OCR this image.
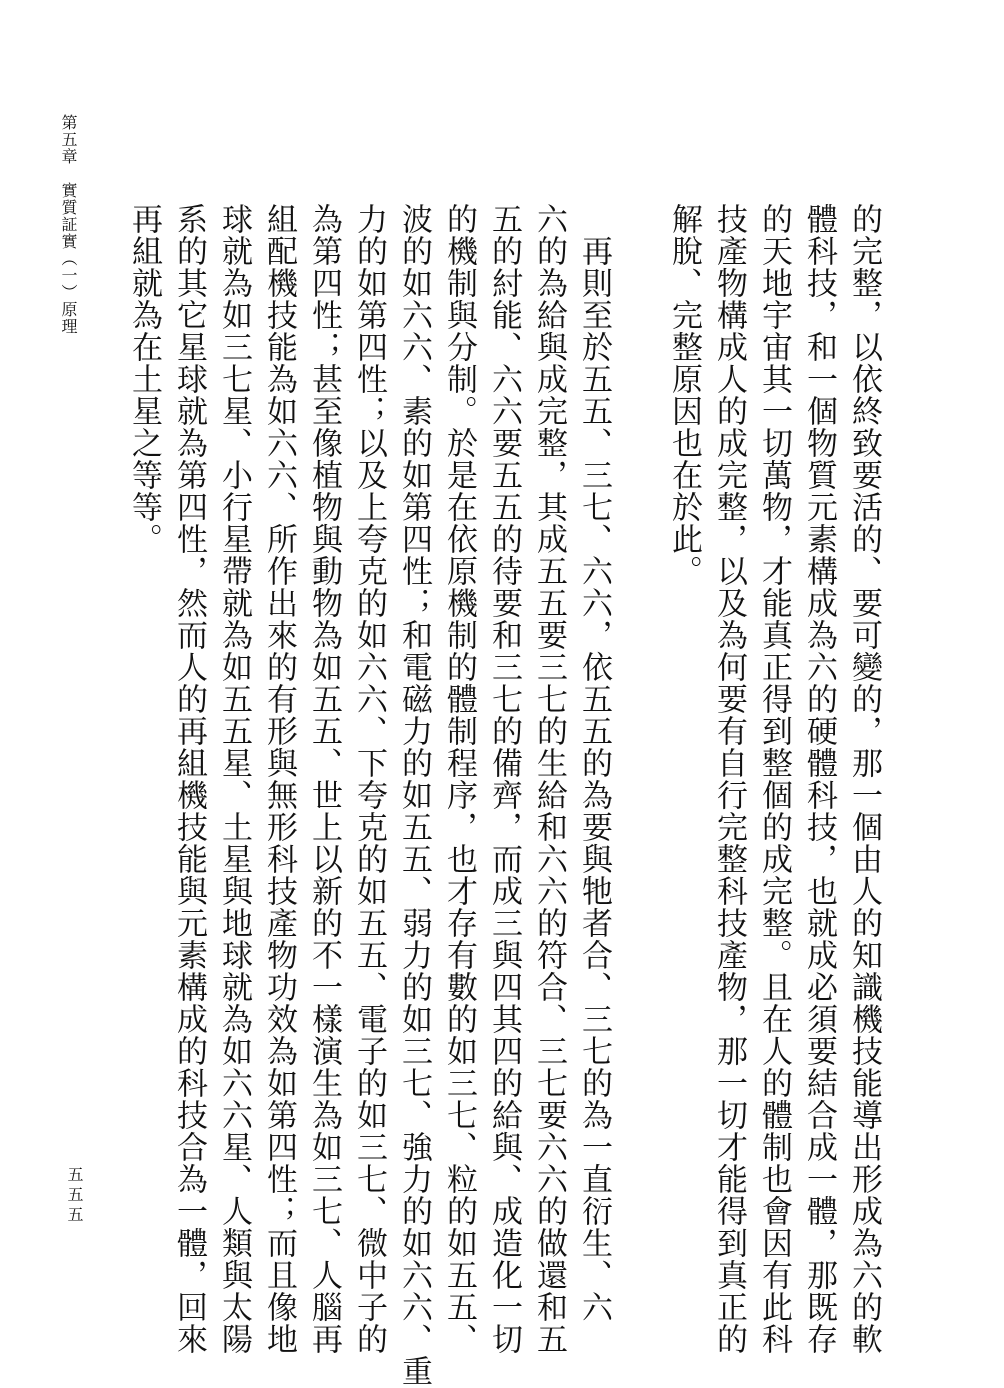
的完整，以依終致要活的、要可變的，那一個由人的知識機技能導出形成為六的軟
體科技，和一個物質元素構成為六的硬體科技，也就成必須要結合成一體，那既存
的天地宇宙其一切萬物，才能真正得到整個的成完整。且在人的體制也會因有此科
技產物構成人的成完整，以及為何要有自行完整科技產物，那一切才能得到真正的
解脫、完整原因也在於此。
　再則至於五五、三七、六六，依五五的為要與牠者合、三七的為一直衍生、六
六的為給與成完整，其成五五要三七的生給和六六的符合、三七要六六的做還和五
五的紂能、六六要五五的待要和三七的備齊，而成三與四其四的給與、成造化一切
的機制與分制。於是在依原機制的體制程序，也才存有數的如三七、粒的如五五、
波的如六六、素的如第四性；和電磁力的如五五、弱力的如三七、強力的如六六、重
力的如第四性；以及上夸克的如六六、下夸克的如五五、電子的如三七、微中子的
為第四性；甚至像植物與動物為如五五、世上以新的不一樣演生為如三七、人腦再
組配機技能為如六六、所作出來的有形與無形科技產物功效為如第四性；而且像地
球就為如三七星、小行星帶就為如五五星、土星與地球就為如六六星、人類與太陽
系的其它星球就為第四性，然而人的再組機技能與元素構成的科技合為一體，回來
再組就為在土星之等等。
第五章　實質証實（一）原理
五五五
